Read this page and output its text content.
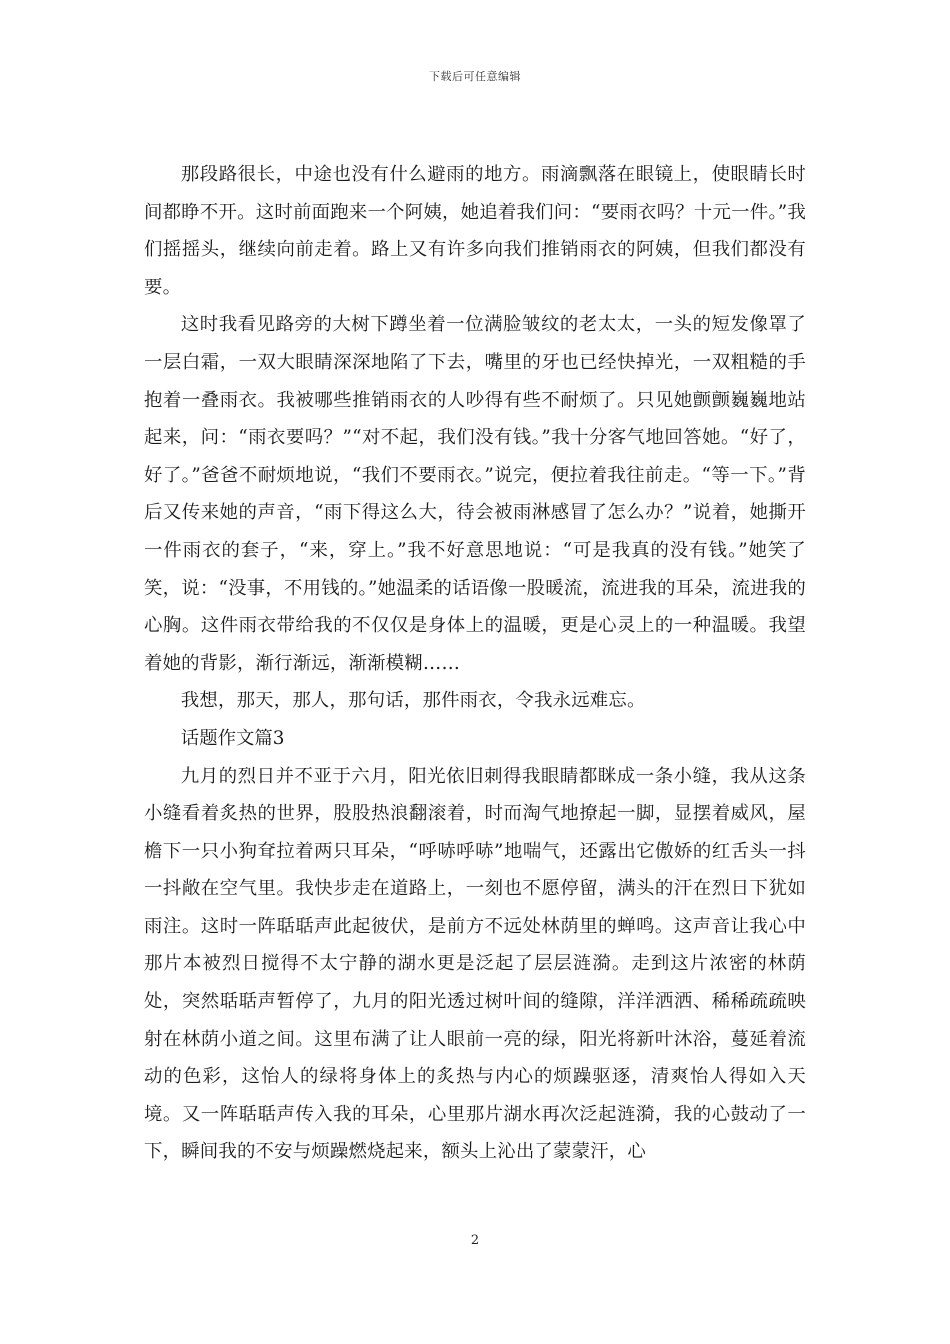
下载后可任意编辑

那段路很长，中途也没有什么避雨的地方。雨滴飘落在眼镜上，使眼睛长时间都睁不开。这时前面跑来一个阿姨，她追着我们问：“要雨衣吗？十元一件。”我们摇摇头，继续向前走着。路上又有许多向我们推销雨衣的阿姨，但我们都没有要。

这时我看见路旁的大树下蹲坐着一位满脸皱纹的老太太，一头的短发像罩了一层白霜，一双大眼睛深深地陷了下去，嘴里的牙也已经快掉光，一双粗糙的手抱着一叠雨衣。我被哪些推销雨衣的人吵得有些不耐烦了。只见她颤颤巍巍地站起来，问：“雨衣要吗？”“对不起，我们没有钱。”我十分客气地回答她。“好了，好了。”爸爸不耐烦地说，“我们不要雨衣。”说完，便拉着我往前走。“等一下。”背后又传来她的声音，“雨下得这么大，待会被雨淋感冒了怎么办？”说着，她撕开一件雨衣的套子，“来，穿上。”我不好意思地说：“可是我真的没有钱。”她笑了笑，说：“没事，不用钱的。”她温柔的话语像一股暖流，流进我的耳朵，流进我的心胸。这件雨衣带给我的不仅仅是身体上的温暖，更是心灵上的一种温暖。我望着她的背影，渐行渐远，渐渐模糊……

我想，那天，那人，那句话，那件雨衣，令我永远难忘。

话题作文篇3

九月的烈日并不亚于六月，阳光依旧刺得我眼睛都眯成一条小缝，我从这条小缝看着炙热的世界，股股热浪翻滚着，时而淘气地撩起一脚，显摆着威风，屋檐下一只小狗耷拉着两只耳朵，“呼哧呼哧”地喘气，还露出它傲娇的红舌头一抖一抖敞在空气里。我快步走在道路上，一刻也不愿停留，满头的汗在烈日下犹如雨注。这时一阵聒聒声此起彼伏，是前方不远处林荫里的蝉鸣。这声音让我心中那片本被烈日搅得不太宁静的湖水更是泛起了层层涟漪。走到这片浓密的林荫处，突然聒聒声暂停了，九月的阳光透过树叶间的缝隙，洋洋洒洒、稀稀疏疏映射在林荫小道之间。这里布满了让人眼前一亮的绿，阳光将新叶沐浴，蔓延着流动的色彩，这怡人的绿将身体上的炙热与内心的烦躁驱逐，清爽怡人得如入天境。又一阵聒聒声传入我的耳朵，心里那片湖水再次泛起涟漪，我的心鼓动了一下，瞬间我的不安与烦躁燃烧起来，额头上沁出了蒙蒙汗，心

2
